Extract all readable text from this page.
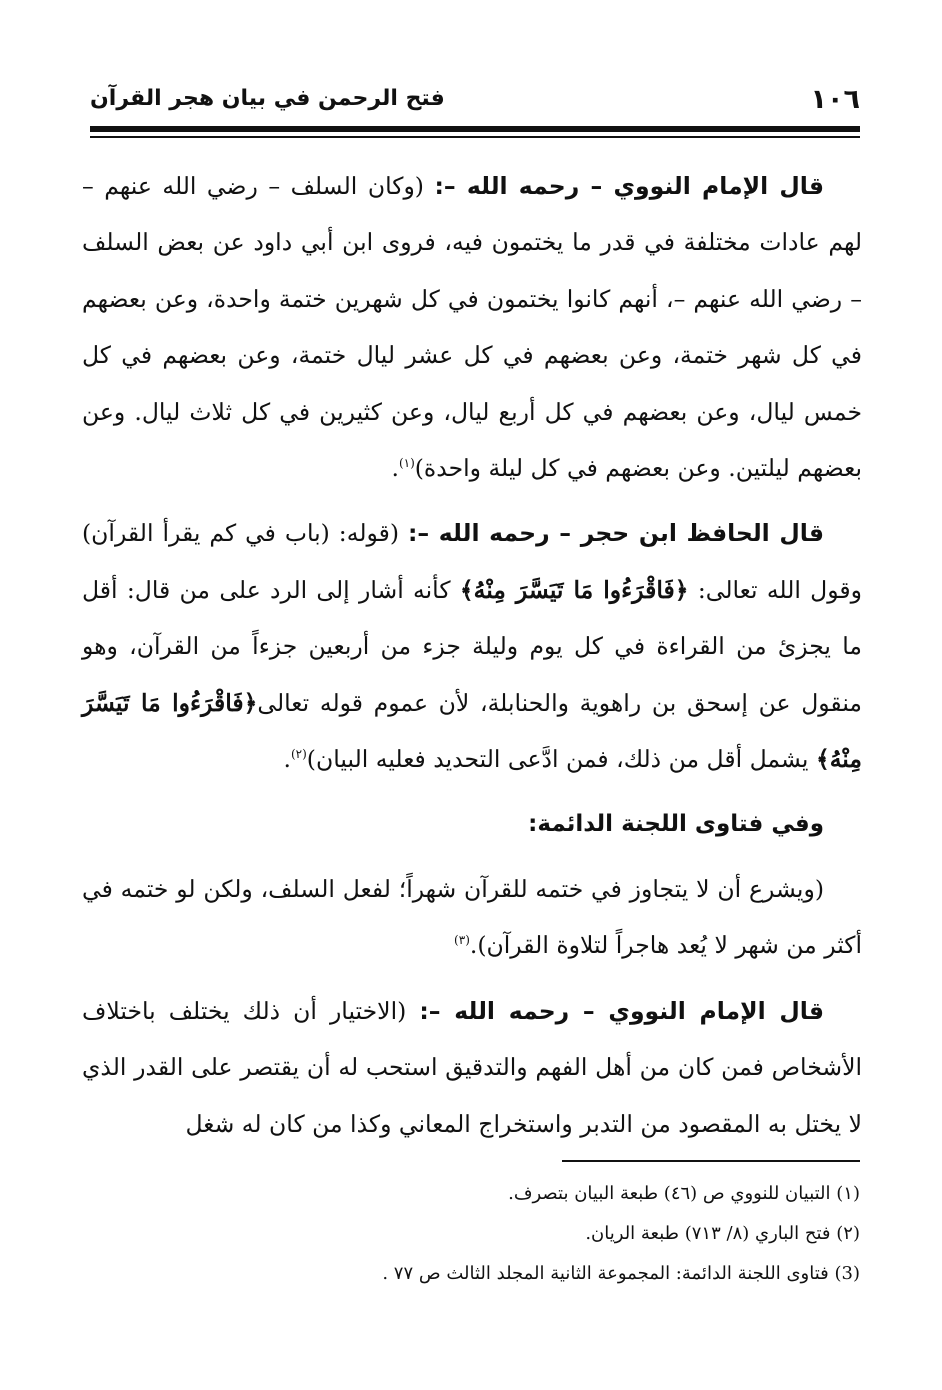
١٠٦
فتح الرحمن في بيان هجر القرآن

قال الإمام النووي – رحمه الله –: (وكان السلف – رضي الله عنهم – لهم عادات مختلفة في قدر ما يختمون فيه، فروى ابن أبي داود عن بعض السلف – رضي الله عنهم –، أنهم كانوا يختمون في كل شهرين ختمة واحدة، وعن بعضهم في كل شهر ختمة، وعن بعضهم في كل عشر ليال ختمة، وعن بعضهم في كل خمس ليال، وعن بعضهم في كل أربع ليال، وعن كثيرين في كل ثلاث ليال. وعن بعضهم ليلتين. وعن بعضهم في كل ليلة واحدة)$^{(١)}$.

قال الحافظ ابن حجر – رحمه الله –: (قوله: (باب في كم يقرأ القرآن) وقول الله تعالى: ﴿فَاقْرَءُوا مَا تَيَسَّرَ مِنْهُ﴾ كأنه أشار إلى الرد على من قال: أقل ما يجزئ من القراءة في كل يوم وليلة جزء من أربعين جزءاً من القرآن، وهو منقول عن إسحق بن راهوية والحنابلة، لأن عموم قوله تعالى﴿فَاقْرَءُوا مَا تَيَسَّرَ مِنْهُ﴾ يشمل أقل من ذلك، فمن ادَّعى التحديد فعليه البيان)$^{(٢)}$.

وفي فتاوى اللجنة الدائمة:

(ويشرع أن لا يتجاوز في ختمه للقرآن شهراً؛ لفعل السلف، ولكن لو ختمه في أكثر من شهر لا يُعد هاجراً لتلاوة القرآن).$^{(٣)}$

قال الإمام النووي – رحمه الله –: (الاختيار أن ذلك يختلف باختلاف الأشخاص فمن كان من أهل الفهم والتدقيق استحب له أن يقتصر على القدر الذي لا يختل به المقصود من التدبر واستخراج المعاني وكذا من كان له شغل

(١) التبيان للنووي ص (٤٦) طبعة البيان بتصرف.

(٢) فتح الباري (٨/ ٧١٣) طبعة الريان.

(3) فتاوى اللجنة الدائمة: المجموعة الثانية المجلد الثالث ص ٧٧ .
